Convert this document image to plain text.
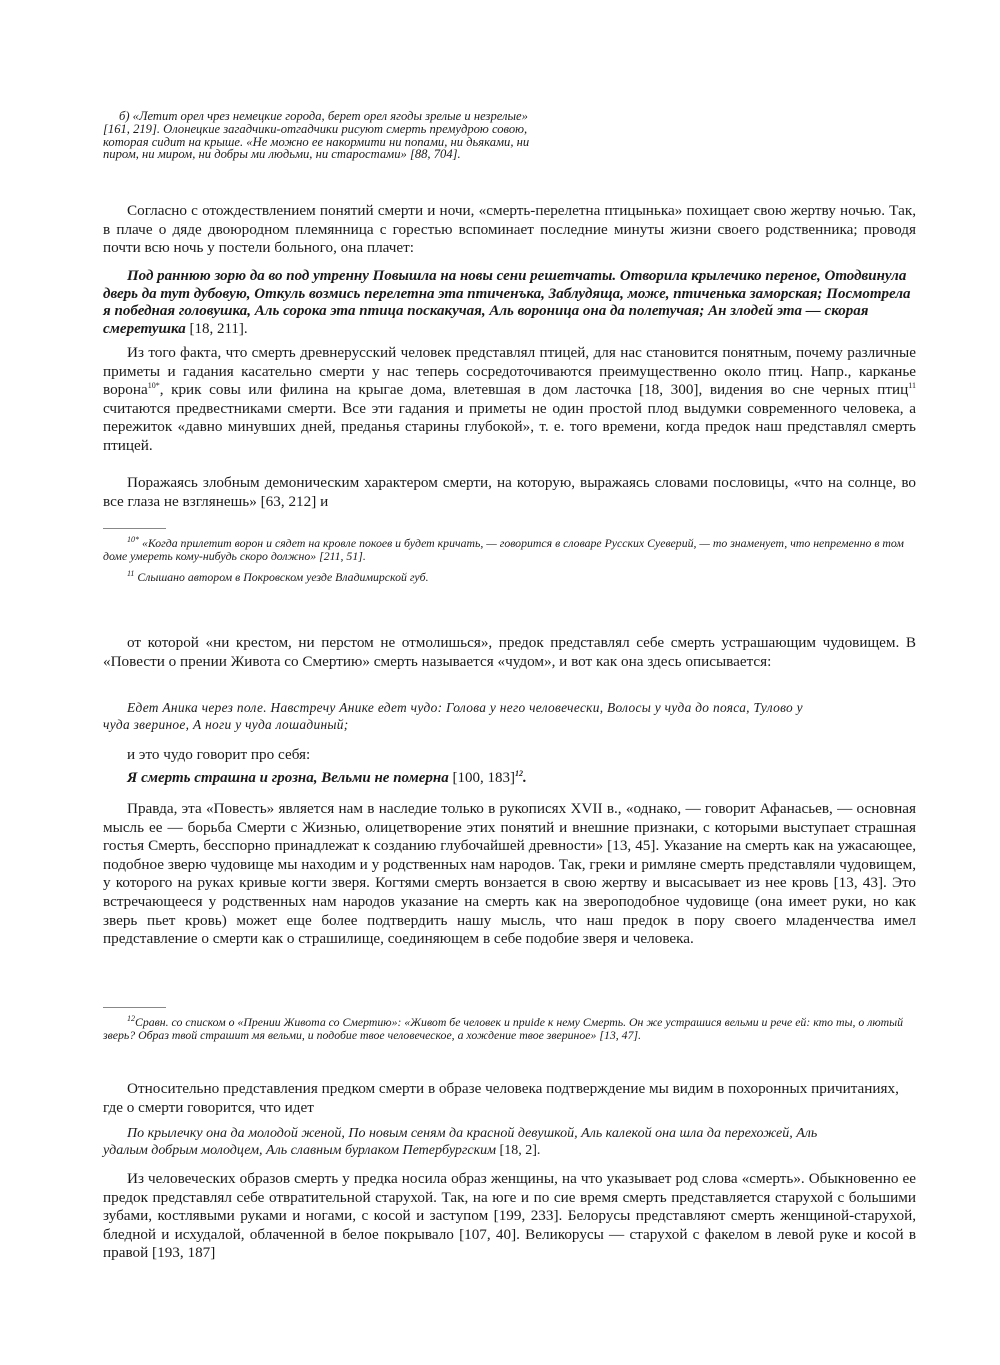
б) «Летит орел чрез немецкие города, берет орел ягоды зрелые и незрелые» [161, 219]. Олонецкие загадчики-отгадчики рисуют смерть премудрою совою, которая сидит на крыше. «Не можно ее накормити ни попами, ни дьяками, ни пиром, ни миром, ни добры ми людьми, ни старостами» [88, 704].

Согласно с отождествлением понятий смерти и ночи, «смерть-перелетна птицынька» похищает свою жертву ночью. Так, в плаче о дяде двоюродном племянница с горестью вспоминает последние минуты жизни своего родственника; проводя почти всю ночь у постели больного, она плачет:

Под раннюю зорю да во под утренну Повышла на новы сени решетчаты. Отворила крылечико переное, Отодвинула дверь да тут дубовую, Откуль возмись перелетна эта птиченъка, Заблудяща, може, птиченька заморская; Посмотрела я победная головушка, Аль сорока эта птица поскакучая, Аль вороница она да полетучая; Ан злодей эта — скорая смеретушка [18, 211].

Из того факта, что смерть древнерусский человек представлял птицей, для нас становится понятным, почему различные приметы и гадания касательно смерти у нас теперь сосредоточиваются преимущественно около птиц. Напр., карканье ворона$^{10*}$, крик совы или филина на крыгае дома, влетевшая в дом ласточка [18, 300], видения во сне черных птиц$^{11}$ считаются предвестниками смерти. Все эти гадания и приметы не один простой плод выдумки современного человека, а пережиток «давно минувших дней, преданья старины глубокой», т. е. того времени, когда предок наш представлял смерть птицей.

Поражаясь злобным демоническим характером смерти, на которую, выражаясь словами пословицы, «что на солнце, во все глаза не взглянешь» [63, 212] и

$^{10*}$ «Когда прилетит ворон и сядет на кровле покоев и будет кричать, — говорится в словаре Русских Суеверий, — то знаменует, что непременно в том доме умереть кому-нибудь скоро должно» [211, 51].

$^{11}$ Слышано автором в Покровском уезде Владимирской губ.

от которой «ни крестом, ни перстом не отмолишься», предок представлял себе смерть устрашающим чудовищем. В «Повести о прении Живота со Смертию» смерть называется «чудом», и вот как она здесь описывается:

Едет Аника через поле. Навстречу Анике едет чудо: Голова у него человечески, Волосы у чуда до пояса, Тулово у чуда звериное, А ноги у чуда лошадиный;

и это чудо говорит про себя:

Я смерть страшна и грозна, Вельми не померна [100, 183]$^{12}$.

Правда, эта «Повесть» является нам в наследие только в рукописях XVII в., «однако, — говорит Афанасьев, — основная мысль ее — борьба Смерти с Жизнью, олицетворение этих понятий и внешние признаки, с которыми выступает страшная гостья Смерть, бесспорно принадлежат к созданию глубочайшей древности» [13, 45]. Указание на смерть как на ужасающее, подобное зверю чудовище мы находим и у родственных нам народов. Так, греки и римляне смерть представляли чудовищем, у которого на руках кривые когти зверя. Когтями смерть вонзается в свою жертву и высасывает из нее кровь [13, 43]. Это встречающееся у родственных нам народов указание на смерть как на звероподобное чудовище (она имеет руки, но как зверь пьет кровь) может еще более подтвердить нашу мысль, что наш предок в пору своего младенчества имел представление о смерти как о страшилище, соединяющем в себе подобие зверя и человека.

$^{12}$Сравн. со списком о «Прении Живота со Смертию»: «Живот бе человек и приide к нему Смерть. Он же устрашися вельми и рече ей: кто ты, о лютый зверь? Образ твой страшит мя вельми, и подобие твое человеческое, а хождение твое звериное» [13, 47].

Относительно представления предком смерти в образе человека подтверждение мы видим в похоронных причитаниях, где о смерти говорится, что идет

По крылечку она да молодой женой, По новым сеням да красной девушкой, Аль калекой она шла да перехожей, Аль удалым добрым молодцем, Аль славным бурлаком Петербургским [18, 2].

Из человеческих образов смерть у предка носила образ женщины, на что указывает род слова «смерть». Обыкновенно ее предок представлял себе отвратительной старухой. Так, на юге и по сие время смерть представляется старухой с большими зубами, костлявыми руками и ногами, с косой и заступом [199, 233]. Белорусы представляют смерть женщиной-старухой, бледной и исхудалой, облаченной в белое покрывало [107, 40]. Великорусы — старухой с факелом в левой руке и косой в правой [193, 187]
